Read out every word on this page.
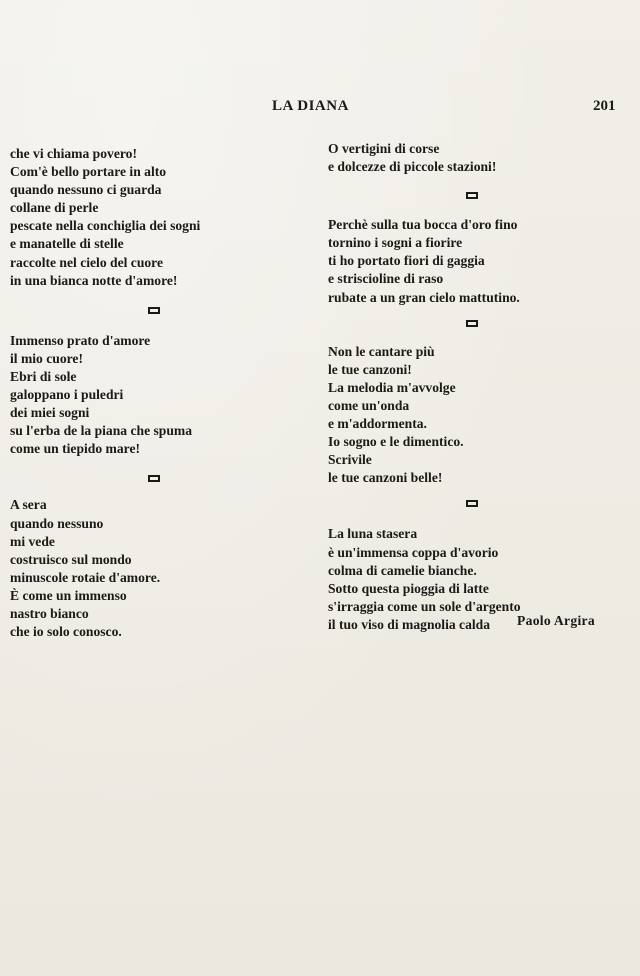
LA DIANA	201
che vi chiama povero!
Com'è bello portare in alto
quando nessuno ci guarda
collane di perle
pescate nella conchiglia dei sogni
e manatelle di stelle
raccolte nel cielo del cuore
in una bianca notte d'amore!
Immenso prato d'amore
il mio cuore!
Ebri di sole
galoppano i puledri
dei miei sogni
su l'erba de la piana che spuma
come un tiepido mare!
A sera
quando nessuno
mi vede
costruisco sul mondo
minuscole rotaie d'amore.
È come un immenso
nastro bianco
che io solo conosco.
O vertigini di corse
e dolcezze di piccole stazioni!
Perchè sulla tua bocca d'oro fino
tornino i sogni a fiorire
ti ho portato fiori di gaggia
e striscioline di raso
rubate a un gran cielo mattutino.
Non le cantare più
le tue canzoni!
La melodia m'avvolge
come un'onda
e m'addormenta.
Io sogno e le dimentico.
Scrivile
le tue canzoni belle!
La luna stasera
è un'immensa coppa d'avorio
colma di camelie bianche.
Sotto questa pioggia di latte
s'irraggia come un sole d'argento
il tuo viso di magnolia calda	Paolo Argira
